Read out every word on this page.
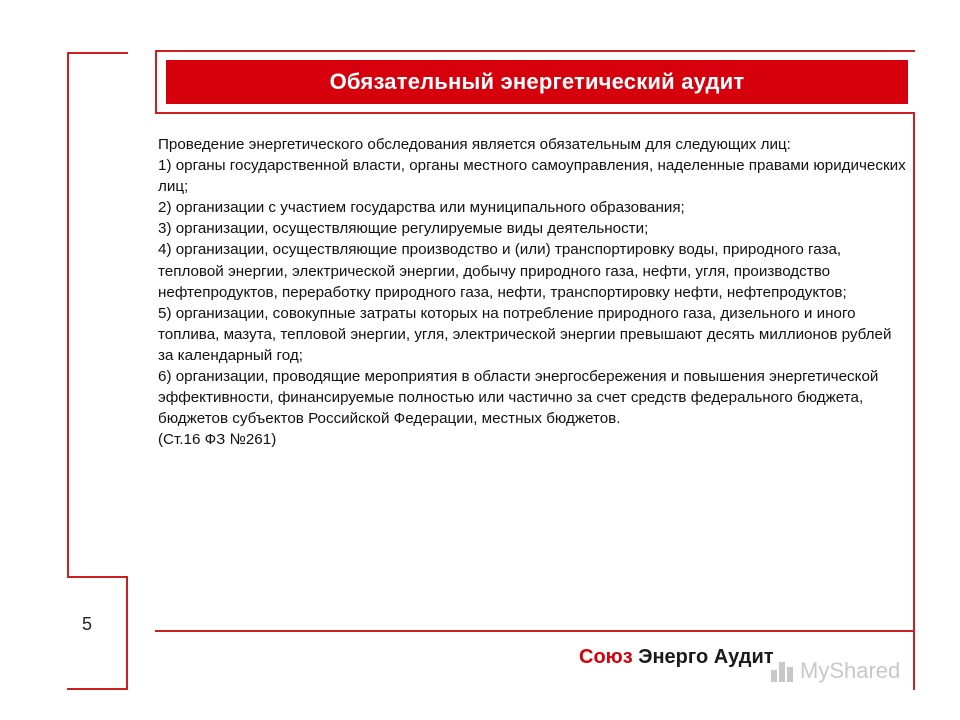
Обязательный энергетический аудит

Проведение энергетического обследования является обязательным для следующих лиц:

1) органы государственной власти, органы местного самоуправления, наделенные правами юридических лиц;

2) организации с участием государства или муниципального образования;

3) организации, осуществляющие регулируемые виды деятельности;

4) организации, осуществляющие производство и (или) транспортировку воды, природного газа, тепловой энергии, электрической энергии, добычу природного газа, нефти, угля, производство нефтепродуктов, переработку природного газа, нефти, транспортировку нефти, нефтепродуктов;

5) организации, совокупные затраты которых на потребление природного газа, дизельного и иного топлива, мазута, тепловой энергии, угля, электрической энергии превышают десять миллионов рублей за календарный год;

6) организации, проводящие мероприятия в области энергосбережения и повышения энергетической эффективности, финансируемые полностью или частично за счет средств федерального бюджета, бюджетов субъектов Российской Федерации, местных бюджетов.

(Ст.16 ФЗ №261)

5
Союз Энерго Аудит
MyShared
